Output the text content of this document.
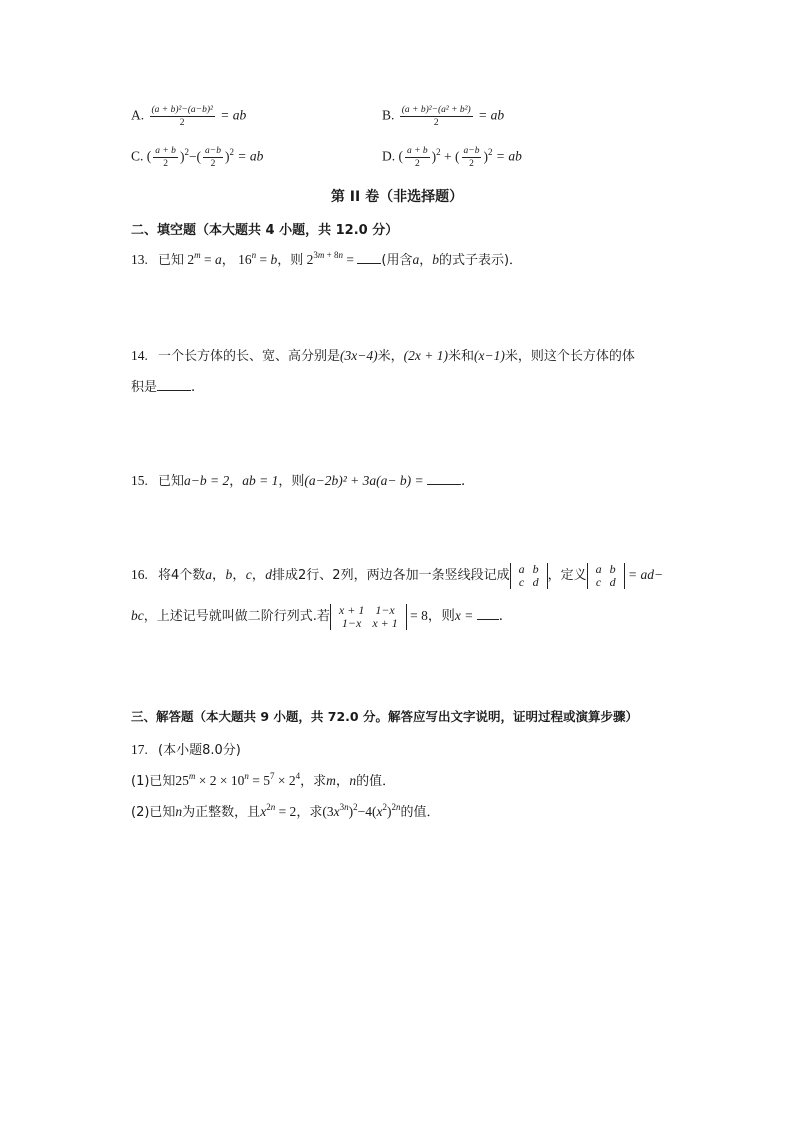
A. $\frac{\text{(a + b)²−(a−b)²}}{2}$ = ab	B. $\frac{\text{(a + b)²−(a² + b²)}}{2}$ = ab
C. ( $\frac{a + b}{2} )^2-( \frac{a-b}{2} )^2$ = ab	D. ( $\frac{a + b}{2} )^2$ + ( $\frac{a-b}{2} )^2$ = ab
第 II 卷（非选择题）
二、填空题（本大题共 4 小题，共 12.0 分）
13. 已知 $2^m = a$， $16^n = b$，则 $2^{3m + 8n}$ = (用含a，b的式子表示)．
14. 一个长方体的长、宽、高分别是(3x−4)米，(2x + 1)米和(x−1)米，则这个长方体的体
积是	．
15. 已知a−b = 2，ab = 1，则(a−2b)² + 3a(a− b) =	．
16. 将4个数a，b，c，d排成2行、2列，两边各加一条竖线段记成 a	b
c	d ，定义 a	b
c	d = ad−
bc，上述记号就叫做二阶行列式.若 x + 1	1−x
1−x	x + 1 = 8，则x = ．
三、解答题（本大题共 9 小题，共 72.0 分。解答应写出文字说明，证明过程或演算步骤）
17. (本小题8.0分)
(1)已知$25^m \times 2 \times 10^n = 5^7 \times 2^4$，求m，n的值．
(2)已知n为正整数，且$x^{2n} = 2$，求$(3x^{3n})^2-4(x^2)^{2n}$的值．
